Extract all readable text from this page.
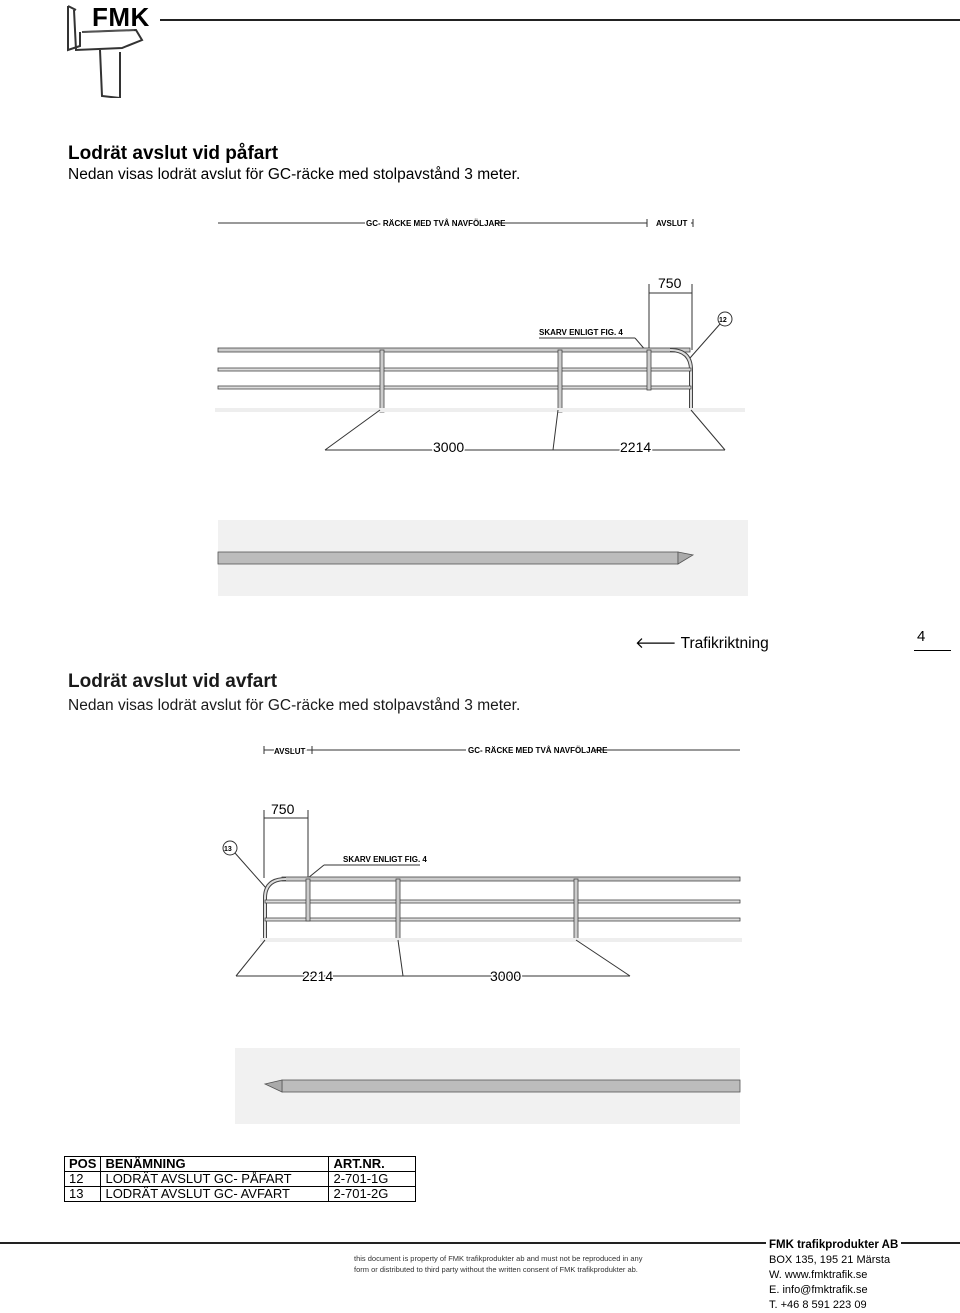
FMK
Lodrät avslut vid påfart
Nedan visas lodrät avslut för GC-räcke med stolpavstånd 3 meter.
GC- RÄCKE MED TVÅ NAVFÖLJARE	AVSLUT
750
12
SKARV ENLIGT FIG. 4
3000	2214
🡐 Trafikriktning	4
Lodrät avslut vid avfart
Nedan visas lodrät avslut för GC-räcke med stolpavstånd 3 meter.
AVSLUT	GC- RÄCKE MED TVÅ NAVFÖLJARE
750
13
SKARV ENLIGT FIG. 4
2214	3000
POS	BENÄMNING	ART.NR.
12	LODRÄT AVSLUT GC- PÅFART	2-701-1G
13	LODRÄT AVSLUT GC- AVFART	2-701-2G
this document is property of FMK trafikprodukter ab and must not be reproduced in any
form or distributed to third party without the written consent of FMK trafikprodukter ab.
FMK trafikprodukter AB
BOX 135, 195 21 Märsta
W. www.fmktrafik.se
E. info@fmktrafik.se
T. +46 8 591 223 09
